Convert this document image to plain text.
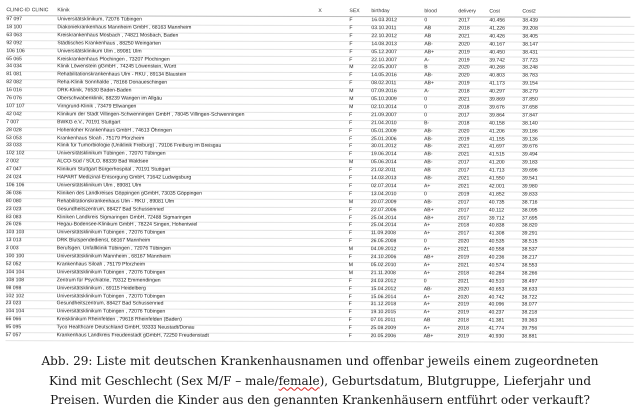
CLINIC-ID CLINIC Klinik	X	SEX	birthday	blood	delivery	Cost	Cost2
97 097	Universitätsklinikum, 72076 Tübingen	F	16.03.2012	0	2017	40.456	38.439
18 100	Diakoniekrankenhaus Mannheim GmbH , 68163 Mannheim	F	03.10.2011	AB	2018	41.226	39.208
63 063	Kreiskrankenhaus Mosbach , 74821 Mosbach, Baden	F	22.10.2012	AB	2021	40.426	38.405
92 092	Städtisches Krankenhaus , 88250 Weingarten	F	14.08.2013	AB-	2020	40.167	38.147
106 106	Universitätsklinikum Ulm , 89081 Ulm	F	05.12.2007	AB+	2019	40.450	38.431
65 065	Kreiskrankenhaus Plochingen , 73207 Plochingen	F	22.10.2007	A-	2019	39.742	37.723
34 034	Klinik Löwenstein gGmbH , 74245 Löwenstein, Württ	M	22.05.2007	B	2020	40.268	38.248
81 081	Rehabilitationskrankenhaus Ulm - RKU , 89134 Blaustein	F	14.05.2016	AB-	2020	40.803	38.783
82 082	Reha-Klinik Sonnhalde , 78166 Donaueschingen	F	08.02.2011	AB+	2019	41.173	39.154
16 016	DRK-Klinik, 76530 Baden-Baden	M	07.09.2016	A-	2018	40.297	38.279
76 076	Oberschwabenklinik, 88239 Wangen im Allgäu	M	05.10.2009	0	2021	39.869	37.850
107 107	Virngrund-Klinik , 73479 Ellwangen	M	02.10.2014	0	2018	39.676	37.658
42 042	Klinikum der Stadt Villingen-Schwenningen GmbH , 78045 Villingen-Schwenningen	F	21.09.2007	0	2017	39.864	37.847
7 007	BWKG e.V., 70191 Stuttgart	F	21.04.2010	B-	2018	40.158	38.140
28 028	Hohenloher Krankenhaus GmbH , 74613 Öhringen	F	05.01.2009	AB-	2020	41.206	39.186
53 053	Krankenhaus Sloah , 75179 Pforzheim	F	25.01.2006	AB-	2019	41.155	39.136
33 033	Klinik für Tumorbiologie (Uniklinik Freiburg) , 79106 Freiburg im Breisgau	F	30.01.2012	AB-	2021	41.697	39.676
102 102	Universitätsklinikum Tübingen , 72070 Tübingen	F	19.06.2014	AB-	2021	41.515	39.494
2 002	ALCO-Süd / SÜLO, 88339 Bad Waldsee	M	05.06.2014	AB-	2017	41.200	39.183
47 047	Klinikum Stuttgart Bürgerhospital , 70191 Stuttgart	F	21.02.2011	AB	2017	41.713	39.696
24 024	HAPART Medizinal-Entsorgung GmbH, 71642 Ludwigsburg	F	14.03.2013	AB-	2021	41.550	39.541
106 106	Universitätsklinikum Ulm , 89081 Ulm	F	02.07.2014	A+	2021	42.001	39.980
36 036	Kliniken des Landkreises Göppingen gGmbH, 73035 Göppingen	F	13.04.2010	0	2019	41.852	39.833
80 080	Rehabilitationskrankenhaus Ulm - RKU , 89081 Ulm	M	20.07.2009	AB-	2017	40.735	38.716
23 023	Gesundheitszentrum, 88427 Bad Schussenried	F	22.07.2006	AB+	2017	40.112	38.095
83 083	Kliniken Landkreis Sigmaringen GmbH, 72488 Sigmaringen	F	25.04.2014	AB+	2017	39.712	37.695
26 026	Hegau-Bodensee-Klinikum GmbH , 78224 Singen, Hohentwiel	F	25.04.2014	A+	2018	40.838	38.820
103 103	Universitätsklinikum Tübingen , 72076 Tübingen	F	11.09.2008	A+	2017	41.308	39.291
13 013	DRK Blutspendedienst, 68167 Mannheim	F	26.05.2008	0	2020	40.535	38.515
3 003	Berufsgen. Unfallklinik Tübingen , 72076 Tübingen	M	04.09.2012	A+	2021	40.558	38.537
100 100	Universitätsklinikum Mannheim , 68167 Mannheim	F	24.10.2006	AB+	2019	40.236	38.217
52 052	Krankenhaus Siloah , 75179 Pforzheim	M	05.02.2010	A+	2021	40.574	38.553
104 104	Universitätsklinikum Tübingen , 72076 Tübingen	M	21.11.2008	A+	2018	40.284	38.266
108 108	Zentrum für Psychiatrie, 79312 Emmendingen	F	24.03.2012	0	2021	40.510	38.497
98 098	Universitätsklinikum , 69115 Heidelberg	F	15.04.2012	AB-	2020	40.653	38.633
102 102	Universitätsklinikum Tübingen , 72070 Tübingen	F	15.06.2014	A+	2020	40.742	38.722
23 023	Gesundheitszentrum, 88427 Bad Schussenried	F	31.12.2018	A+	2019	40.096	38.077
104 104	Universitätsklinikum Tübingen , 72076 Tübingen	F	19.10.2015	A+	2019	40.237	38.218
66 066	Kreisklinikum Rheinfelden , 79618 Rheinfelden (Baden)	F	07.01.2011	AB	2018	41.381	39.363
95 095	Tyco Healthcare Deutschland GmbH, 93333 Neustadt/Donau	F	25.08.2009	A+	2018	41.774	39.756
57 057	Krankenhaus Landkreis Freudenstadt gGmbH, 72250 Freudenstadt	F	20.05.2006	AB+	2019	40.930	38.881

Abb. 29: Liste mit deutschen Krankenhausnamen und offenbar jeweils einem zugeordneten

Kind mit Geschlecht (Sex M/F – male/female), Geburtsdatum, Blutgruppe, Lieferjahr und

Preisen. Wurden die Kinder aus den genannten Krankenhäusern entführt oder verkauft?
